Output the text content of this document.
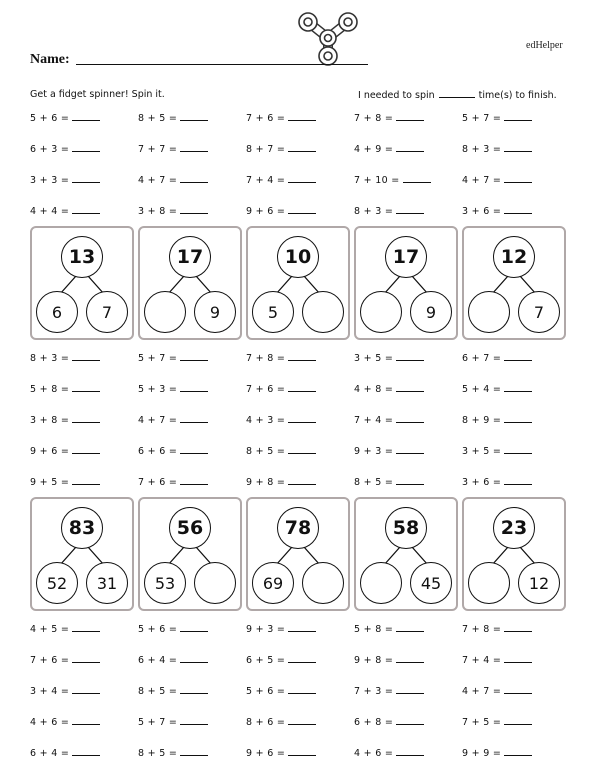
Name:
edHelper
Get a fidget spinner! Spin it.	I needed to spin	time(s) to finish.
5 + 6 =	8 + 5 =	7 + 6 =	7 + 8 =	5 + 7 =
6 + 3 =	7 + 7 =	8 + 7 =	4 + 9 =	8 + 3 =
3 + 3 =	4 + 7 =	7 + 4 =	7 + 10 =	4 + 7 =
4 + 4 =	3 + 8 =	9 + 6 =	8 + 3 =	3 + 6 =
13
6	7
17
9
10
5
17
9
12
7
8 + 3 =	5 + 7 =	7 + 8 =	3 + 5 =	6 + 7 =
5 + 8 =	5 + 3 =	7 + 6 =	4 + 8 =	5 + 4 =
3 + 8 =	4 + 7 =	4 + 3 =	7 + 4 =	8 + 9 =
9 + 6 =	6 + 6 =	8 + 5 =	9 + 3 =	3 + 5 =
9 + 5 =	7 + 6 =	9 + 8 =	8 + 5 =	3 + 6 =
83
52	31
56
53
78
69
58
45
23
12
4 + 5 =	5 + 6 =	9 + 3 =	5 + 8 =	7 + 8 =
7 + 6 =	6 + 4 =	6 + 5 =	9 + 8 =	7 + 4 =
3 + 4 =	8 + 5 =	5 + 6 =	7 + 3 =	4 + 7 =
4 + 6 =	5 + 7 =	8 + 6 =	6 + 8 =	7 + 5 =
6 + 4 =	8 + 5 =	9 + 6 =	4 + 6 =	9 + 9 =
